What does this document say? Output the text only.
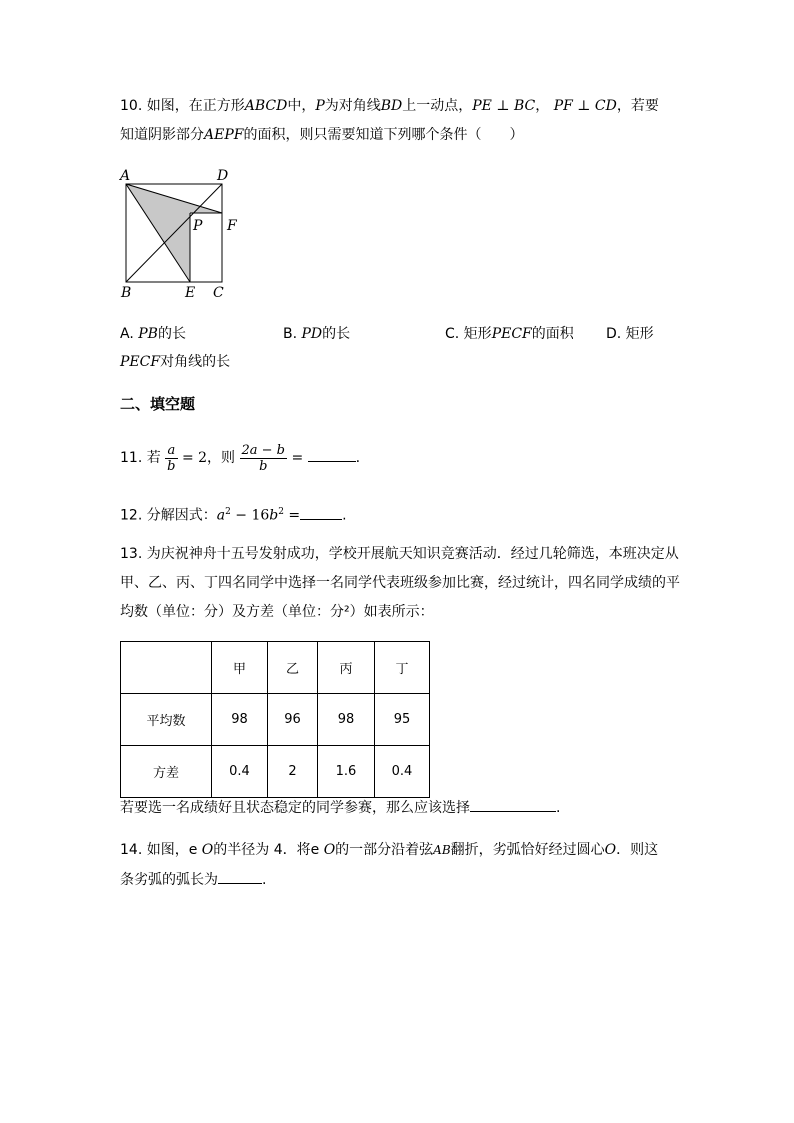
10. 如图，在正方形ABCD中，P为对角线BD上一动点，PE ⊥ BC， PF ⊥ CD，若要
知道阴影部分AEPF的面积，则只需要知道下列哪个条件（　　）
A	D
P F
B	E C
A. PB的长	B. PD的长	C. 矩形PECF的面积 D. 矩形
PECF对角线的长
二、填空题
11. 若 $\frac{a}{b} = 2$，则 $\frac{2a - b}{b}$ =	.
12. 分解因式：$a^2 - 16b^2$ =	.
13. 为庆祝神舟十五号发射成功，学校开展航天知识竞赛活动．经过几轮筛选，本班决定从
甲、乙、丙、丁四名同学中选择一名同学代表班级参加比赛，经过统计，四名同学成绩的平
均数（单位：分）及方差（单位：分²）如表所示：
	甲	乙	丙	丁
平均数	98	96	98	95
方差	0.4	2	1.6	0.4
若要选一名成绩好且状态稳定的同学参赛，那么应该选择	.
14. 如图，e O的半径为 4．将e O的一部分沿着弦AB翻折，劣弧恰好经过圆心O．则这
条劣弧的弧长为	.
